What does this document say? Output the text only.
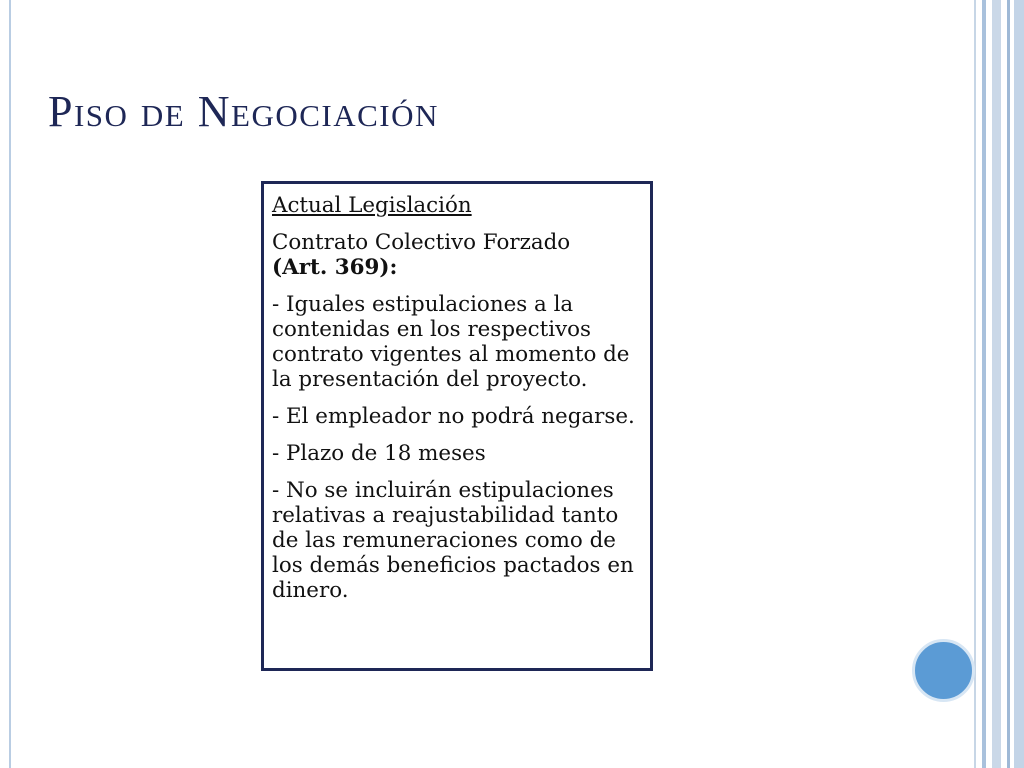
Piso de Negociación

Actual Legislación

Contrato Colectivo Forzado
(Art. 369):

- Iguales estipulaciones a la contenidas en los respectivos contrato vigentes al momento de la presentación del proyecto.

- El empleador no podrá negarse.

- Plazo de 18 meses

- No se incluirán estipulaciones relativas a reajustabilidad tanto de las remuneraciones como de los demás beneficios pactados en dinero.
